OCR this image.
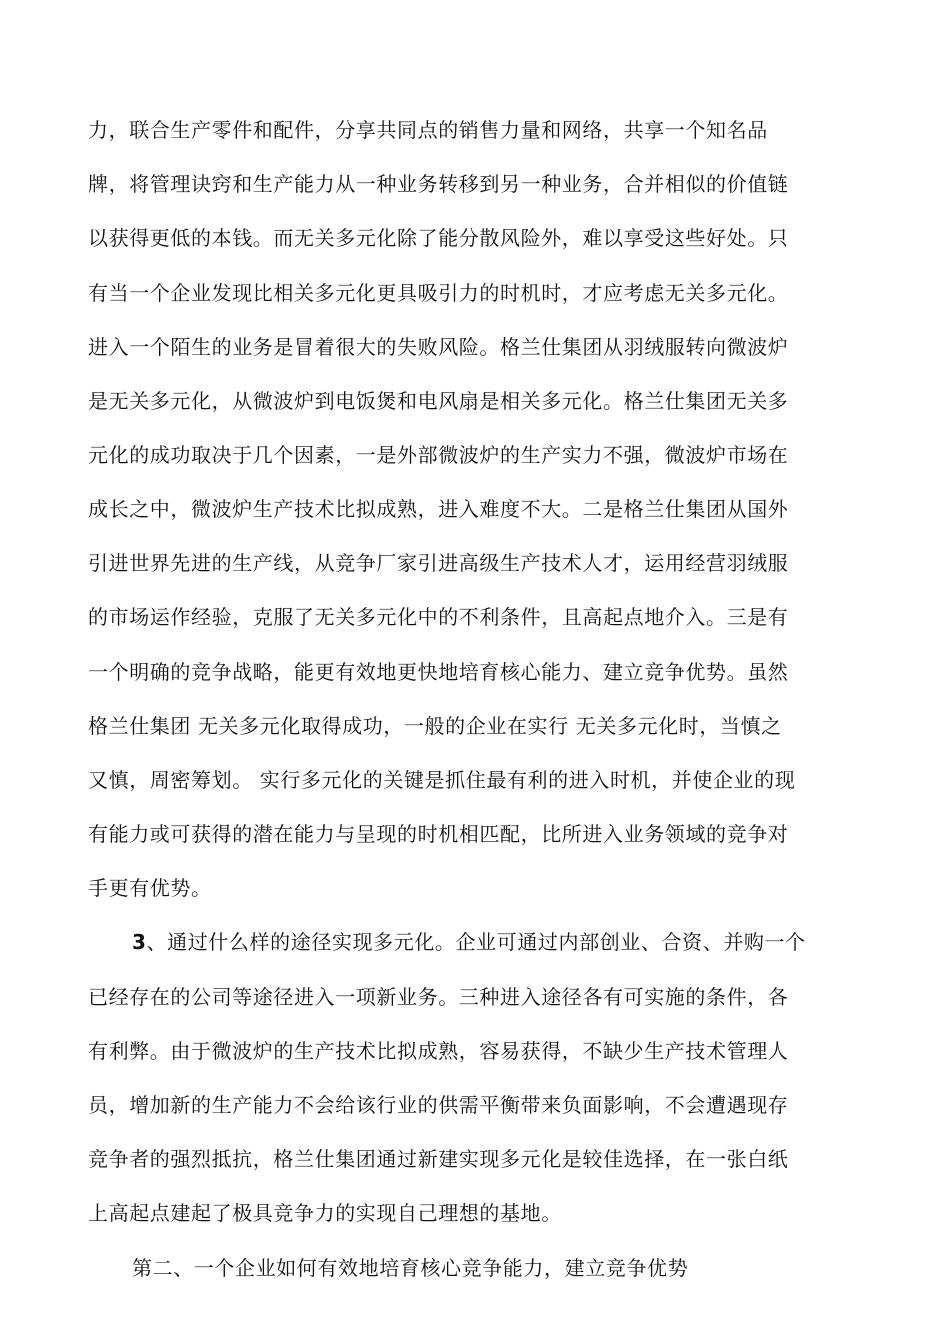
力，联合生产零件和配件，分享共同点的销售力量和网络，共享一个知名品
牌，将管理诀窍和生产能力从一种业务转移到另一种业务，合并相似的价值链
以获得更低的本钱。而无关多元化除了能分散风险外，难以享受这些好处。只
有当一个企业发现比相关多元化更具吸引力的时机时，才应考虑无关多元化。
进入一个陌生的业务是冒着很大的失败风险。格兰仕集团从羽绒服转向微波炉
是无关多元化，从微波炉到电饭煲和电风扇是相关多元化。格兰仕集团无关多
元化的成功取决于几个因素，一是外部微波炉的生产实力不强，微波炉市场在
成长之中，微波炉生产技术比拟成熟，进入难度不大。二是格兰仕集团从国外
引进世界先进的生产线，从竞争厂家引进高级生产技术人才，运用经营羽绒服
的市场运作经验，克服了无关多元化中的不利条件，且高起点地介入。三是有
一个明确的竞争战略，能更有效地更快地培育核心能力、建立竞争优势。虽然
格兰仕集团 无关多元化取得成功，一般的企业在实行 无关多元化时，当慎之
又慎，周密筹划。 实行多元化的关键是抓住最有利的进入时机，并使企业的现
有能力或可获得的潜在能力与呈现的时机相匹配，比所进入业务领域的竞争对
手更有优势。
3、通过什么样的途径实现多元化。企业可通过内部创业、合资、并购一个
已经存在的公司等途径进入一项新业务。三种进入途径各有可实施的条件，各
有利弊。由于微波炉的生产技术比拟成熟，容易获得，不缺少生产技术管理人
员，增加新的生产能力不会给该行业的供需平衡带来负面影响，不会遭遇现存
竞争者的强烈抵抗，格兰仕集团通过新建实现多元化是较佳选择，在一张白纸
上高起点建起了极具竞争力的实现自己理想的基地。
第二、一个企业如何有效地培育核心竞争能力，建立竞争优势
